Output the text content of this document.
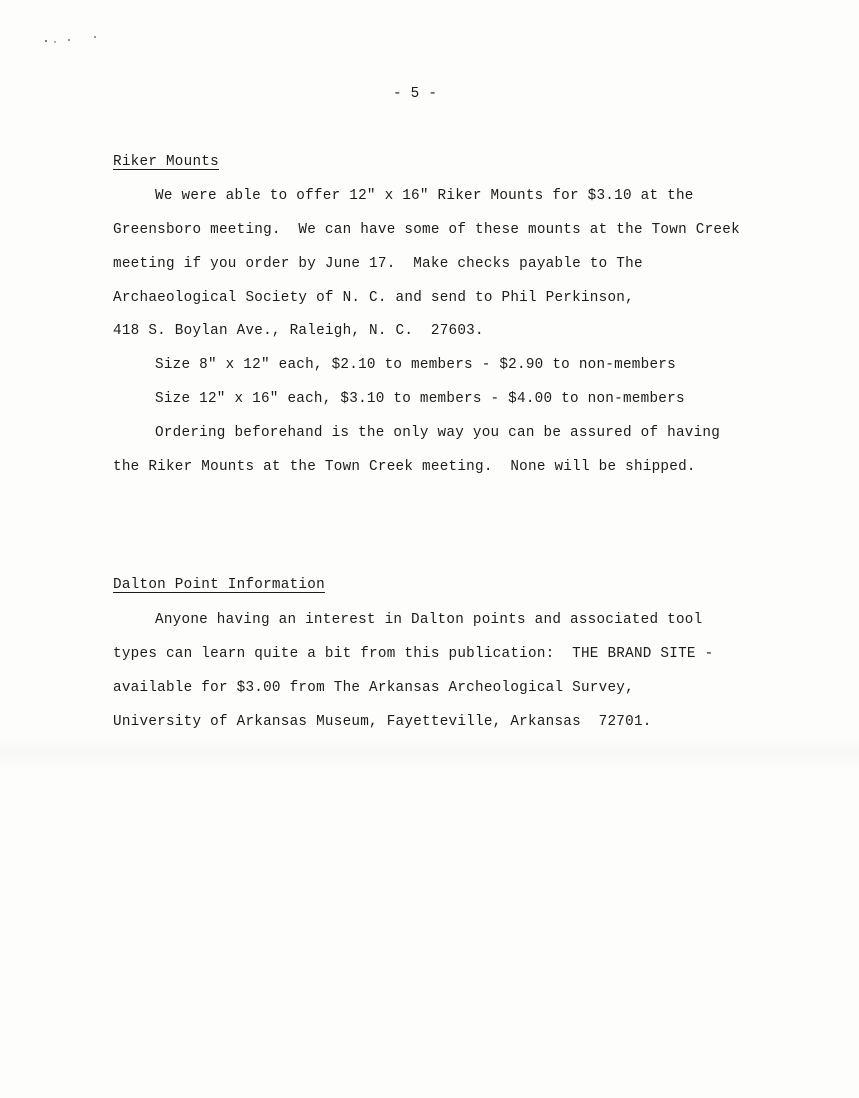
- 5 -

Riker Mounts

We were able to offer 12" x 16" Riker Mounts for $3.10 at the

Greensboro meeting.  We can have some of these mounts at the Town Creek

meeting if you order by June 17.  Make checks payable to The

Archaeological Society of N. C. and send to Phil Perkinson,

418 S. Boylan Ave., Raleigh, N. C.  27603.

Size 8" x 12" each, $2.10 to members - $2.90 to non-members

Size 12" x 16" each, $3.10 to members - $4.00 to non-members

Ordering beforehand is the only way you can be assured of having

the Riker Mounts at the Town Creek meeting.  None will be shipped.

Dalton Point Information

Anyone having an interest in Dalton points and associated tool

types can learn quite a bit from this publication:  THE BRAND SITE -

available for $3.00 from The Arkansas Archeological Survey,

University of Arkansas Museum, Fayetteville, Arkansas  72701.
